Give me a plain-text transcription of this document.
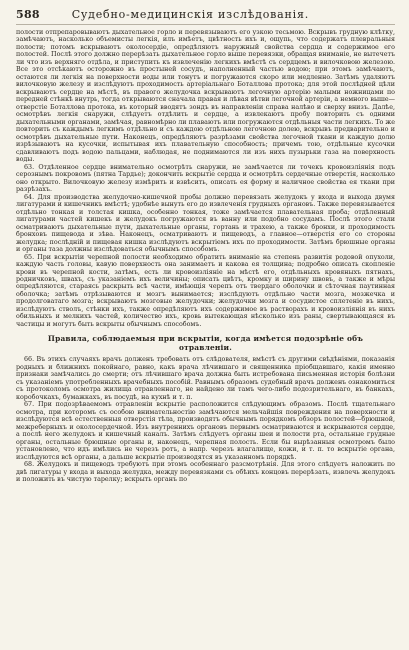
588	Судебно-медицинскія изслѣдованія.

полости отпрепаровываютъ дыхательное горло и перевязываютъ его узкою тесьмою. Вскрывъ грудную клѣтку, замѣчаютъ, насколько объемисты легкія, илъ имѣетъ, цвѣтность ихъ и, ощупь, что содержатъ плевральныя полости; потомъ вскрываютъ околосердіе, опредѣляютъ наружный свойства сердца и содержимое его полостей. Послѣ этого должно перерѣзать дыхательное горло выше перевязки, обращая вниманіе, не вытечетъ ли что изъ верхняго отдѣла, и приступить къ извлеченію легкихъ вмѣстѣ съ сердцемъ и вилочковою железою. Все это отсѣкаютъ осторожно въ простыней сосудъ, наполненный частью водою; при этомъ замѣчаютъ, остаются ли легкія на поверхности воды или тонутъ и погружаются скоро или медленно. Затѣмъ удаляютъ вилочковую железу и изслѣдуютъ проходимость артеріальнаго Боталлова протока; для этой послѣдней цѣли вскрываютъ сердце на мѣстѣ, въ правого желудочка вскрываютъ легочную артерію малыми ножницами по передней стѣнкѣ внутрь, тогда открываются сначала правая и лѣвая вѣтви легочной артеріи, а немного выше—отверстіе Боталлова протока, въ который вводятъ зондъ въ направленіи справа налѣво и сверху внизъ. Далѣе, осмотрѣвъ легкія снаружи, слѣдуетъ отдѣлить и сердце, а извлекаютъ пробу повторить съ одними дыхательными органами, замѣчая, равномѣрно ли плаваютъ или погружаются отдѣльныя части легкихъ. То же повторить съ каждымъ легкимъ отдѣльно и съ каждою отдѣльною легочною долею, вскрывъ предварительно и осмотрѣвъ дыхательные пути. Наконецъ, опредѣляютъ разрѣзами свойства легочной ткани и каждую долю изрѣзываютъ на кусочки, испытывая ихъ плавательную способность; причемъ тою, отдѣльные кусочки сдавливаютъ подъ водою пальцами, наблюдая, не поднимаются ли изъ нихъ пузырьки газа на поверхность воды.

63. Отдѣленное сердце внимательно осмотрѣть снаружи, не замѣчается ли точекъ кровоизліянія подъ серознымъ покровомъ (пятна Тардье); докончить вскрытіе сердца и осмотрѣть сердечные отверстія, насколько оно открыто. Вилочковую железу измѣрить и взвѣсить, описать ея форму и наличное свойства ея ткани при разрѣзахъ.

64. Для производства желудочно-кишечной пробы должно перевязать желудокъ у входа и выхода двумя лигатурами и кишечникъ вмѣстѣ; удобнѣе вынуть его до извлеченія грудныхъ органовъ. Также перевязывается отдѣльно тонкая и толстая кишка, особенно тонкая, тоже замѣчается плавательная проба; отдѣленный лигатурами частей кишекъ и желудокъ погружаются въ ванну или подобно сосудамъ. Послѣ этого стали осматриваютъ дыхательные пути, дыхательные органы, гортань и трахею, а также бронхи, и проходимость бронховъ пищевода и зѣва. Наконецъ, осматриваютъ и пищеводъ, а главное—отверстія его со стороны желудка; послѣдній и пищевая кишка изслѣдуютъ вскрытіемъ ихъ по проходимости. Затѣмъ брюшные органы и органы таза должны изслѣдоваться обычнымъ способомъ.

65. При вскрытіи черепной полости необходимо обратить вниманіе на степень развитія родовой опухоли, каждую часть головы, кавую поверхность она занимаетъ и какова ея толщина; подробно описать скопленіе крови въ черепной кости, затѣмъ, есть ли кровоизліяніе на мѣстѣ его, отдѣльныхъ кровяныхъ пятнахъ, родничковъ, швахъ, съ указаніемъ ихъ величины; описать цвѣтъ, кромку и ширину швовъ, а также и мѣры опредѣляются, стараясь раскрыть всѣ части, имѣющія черепъ отъ твердаго оболочки и сѣточная паутинная оболочка; затѣмъ отрѣзываются и мозгъ вынимается; изслѣдуютъ отдѣльно части мозга, мозжечка и продолговатаго мозга; вскрываютъ мозговые желудочки; желудочки мозга и сосудистое сплетеніе въ нихъ, изслѣдуютъ стволъ, стѣнки ихъ, также опредѣляютъ ихъ содержимое въ растворахъ и кровоизліянія въ нихъ обильныхъ и мелкихъ частей, количество ихъ, кровь вытекающая нѣсколько изъ раны, свертывающаяся въ частицы и могутъ быть вскрыты обычнымъ способомъ.

Правила, соблюдаемыя при вскрытіи, когда имѣется подозрѣніе объ отравленіи.

66. Въ этихъ случаяхъ врачъ долженъ требовать отъ слѣдователя, вмѣстѣ съ другими свѣдѣніями, показанія родныхъ и ближнихъ покойнаго, равно, какъ врача лѣчившаго и священника пріобщавшаго, какія именно признаки замѣчались до смерти; отъ лѣчившаго врача должна быть истребована письменная исторія болѣзни съ указаніемъ употребленныхъ врачебныхъ пособій. Равнымъ образомъ судебный врачъ долженъ ознакомиться съ протоколомъ осмотра жилища отравленнаго, не найдено ли тамъ чего-либо подозрительнаго, въ банкахъ, коробочкахъ, бумажкахъ, въ посудѣ, на кухнѣ и т. п.

67. При подозрѣваемомъ отравленіи вскрытіе расположится слѣдующимъ образомъ. Послѣ тщательнаго осмотра, при которомъ съ особою внимательностію замѣчаются мельчайшія повреждения на поверхности и изслѣдуются всѣ естественныя отверстія тѣла, производятъ обычнымъ порядкомъ обзоръ полостей—брюшной, межреберныхъ и околосердечной. Изъ внутреннихъ органовъ первымъ осматриваются и вскрываются сердце, а послѣ него желудокъ и кишечный каналъ. Затѣмъ слѣдуетъ органы шеи и полости рта, остальные грудные органы, остальные брюшные органы и, наконецъ, черепная полость. Если бы вырѣзанныя осмотромъ было установлено, что идъ имѣлись не черезъ ротъ, а напр. черезъ влагалище, кожи, и т. п. то вскрытіе органа, изслѣдуются всѣ органы, а дальше вскрытіе производятся въ указанномъ порядкѣ.

68. Желудокъ и пищеводъ требуютъ при этомъ особеннаго разсмотрѣнія. Для этого слѣдуетъ наложить по двѣ лигатуры у входа и выхода желудка, между перевязками съ обѣихъ концовъ перерѣзать, извлечь желудокъ и положить въ чистую тарелку; вскрыть органъ по
